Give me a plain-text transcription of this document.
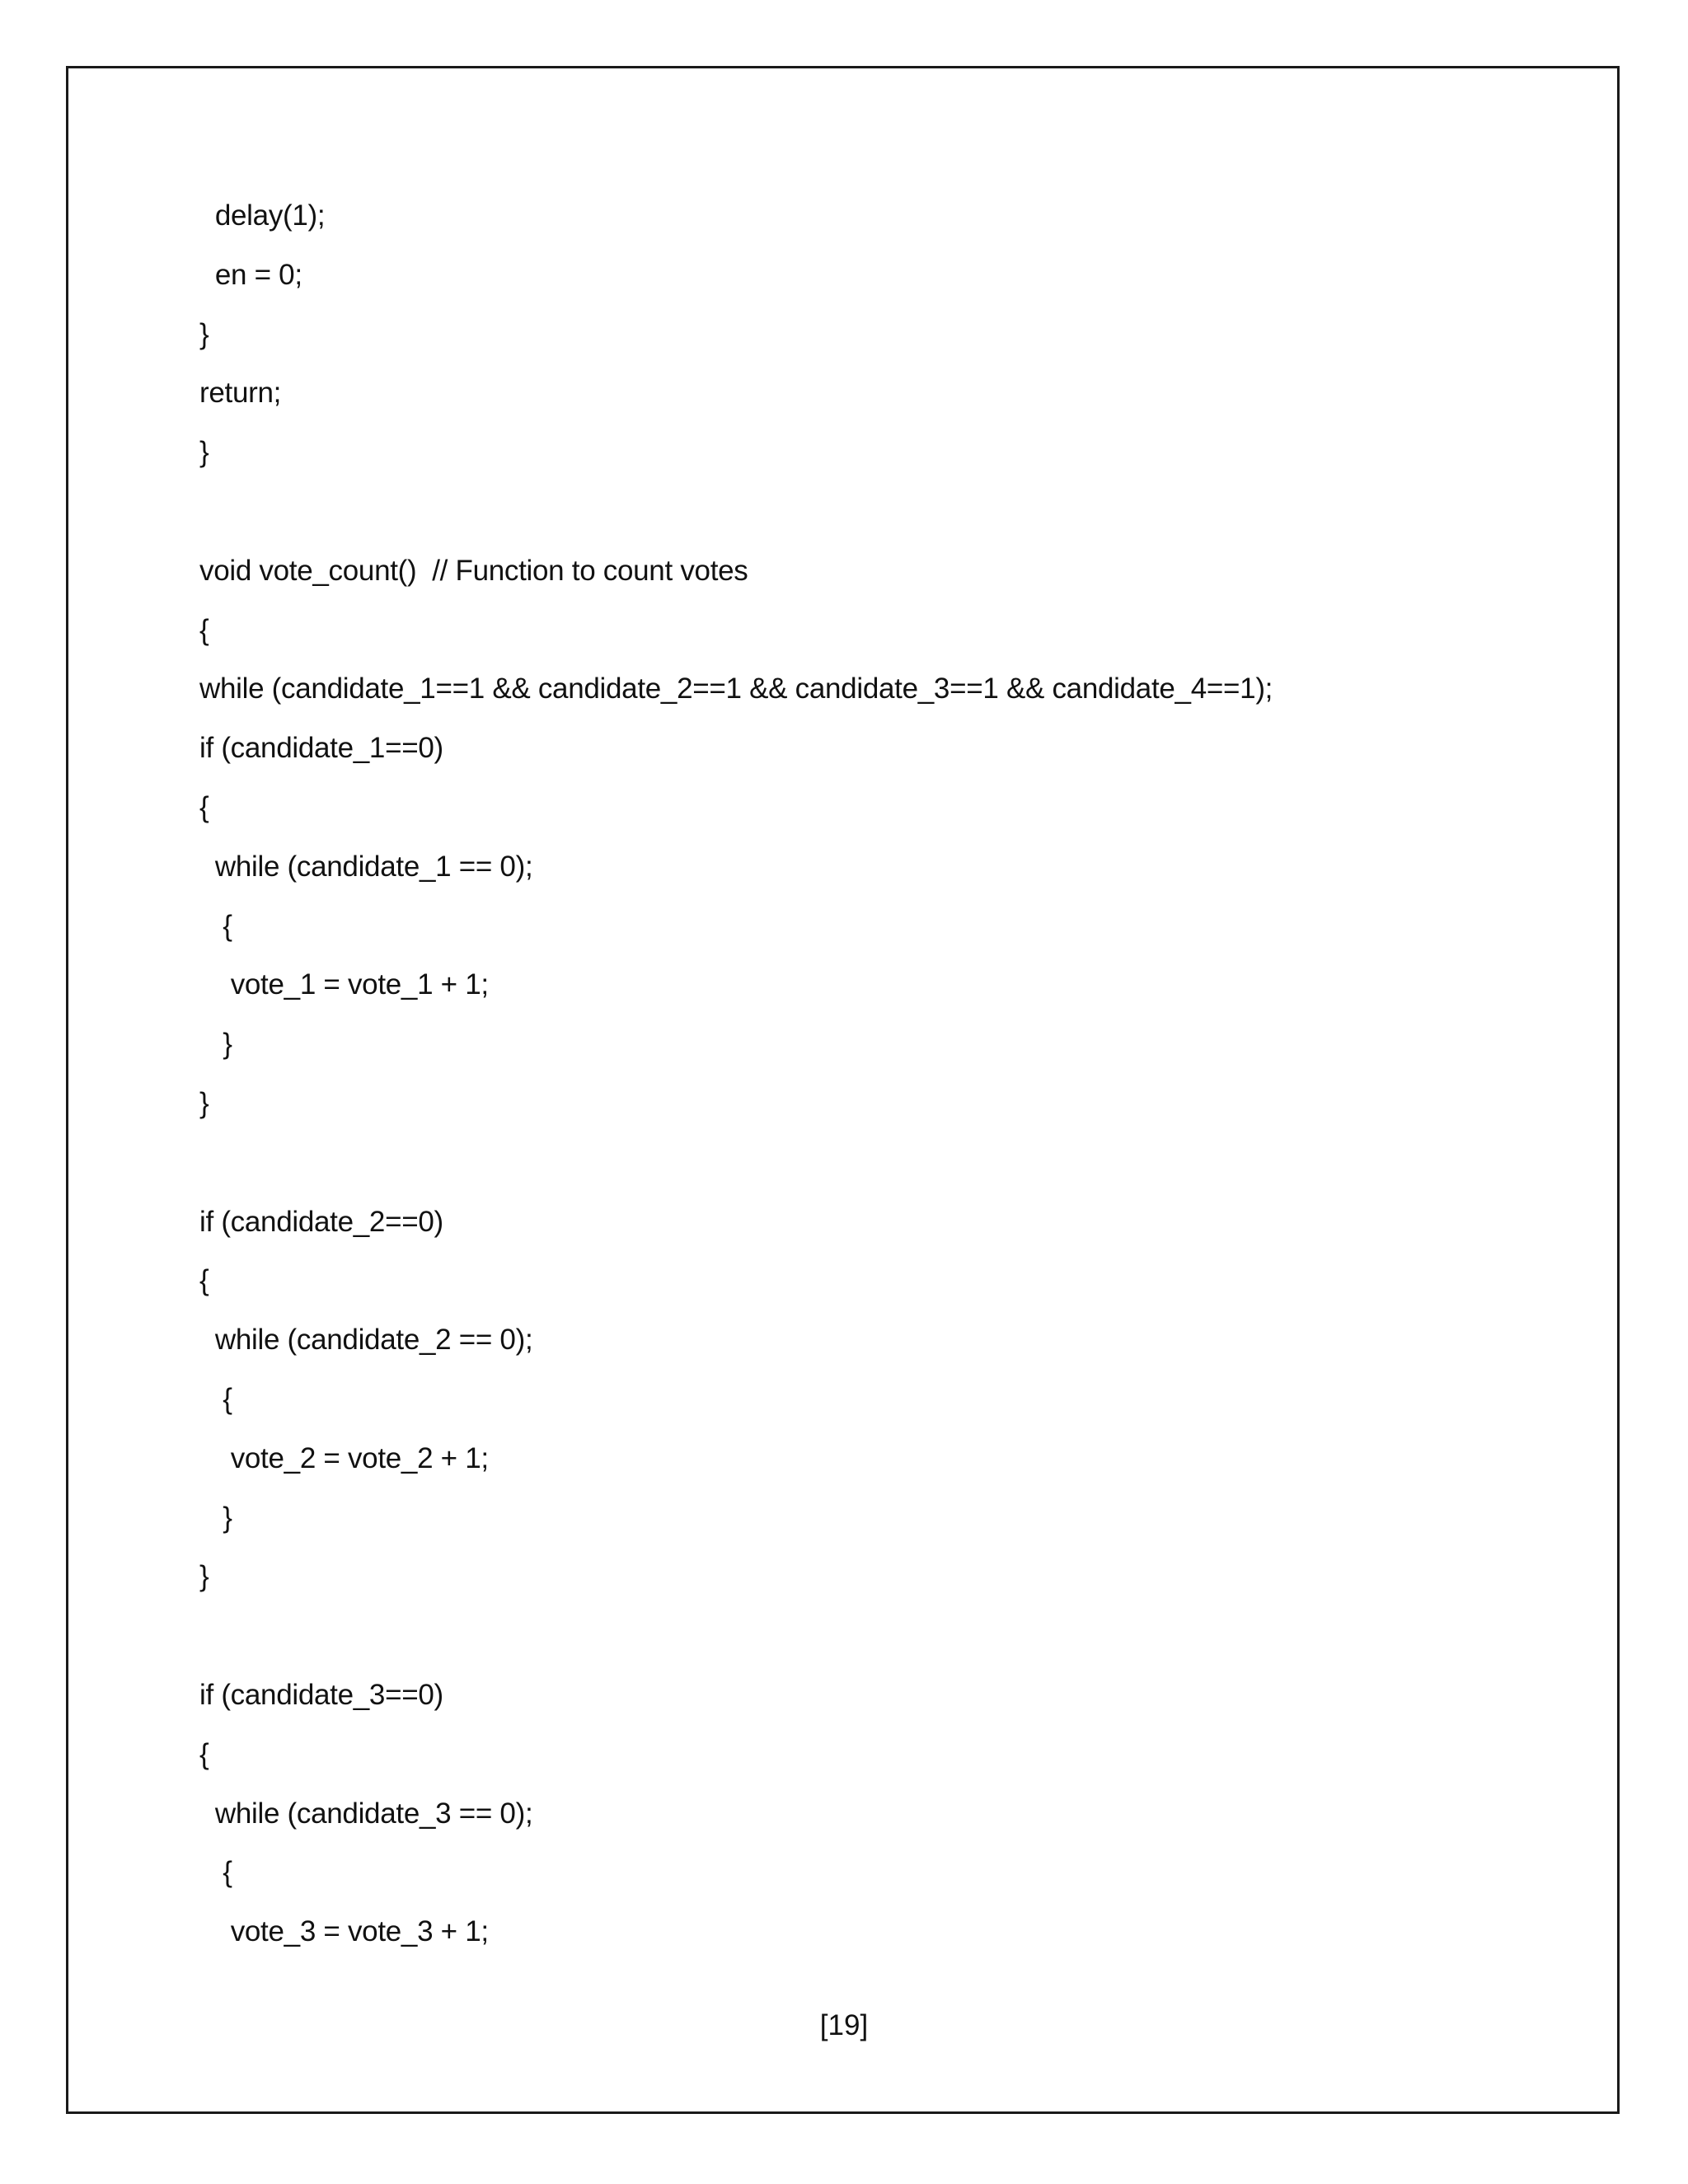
delay(1);
en = 0;
}
return;
}
void vote_count()  // Function to count votes
{
while (candidate_1==1 && candidate_2==1 && candidate_3==1 && candidate_4==1);
if (candidate_1==0)
{
while (candidate_1 == 0);
{
vote_1 = vote_1 + 1;
}
}
if (candidate_2==0)
{
while (candidate_2 == 0);
{
vote_2 = vote_2 + 1;
}
}
if (candidate_3==0)
{
while (candidate_3 == 0);
{
vote_3 = vote_3 + 1;
[19]
